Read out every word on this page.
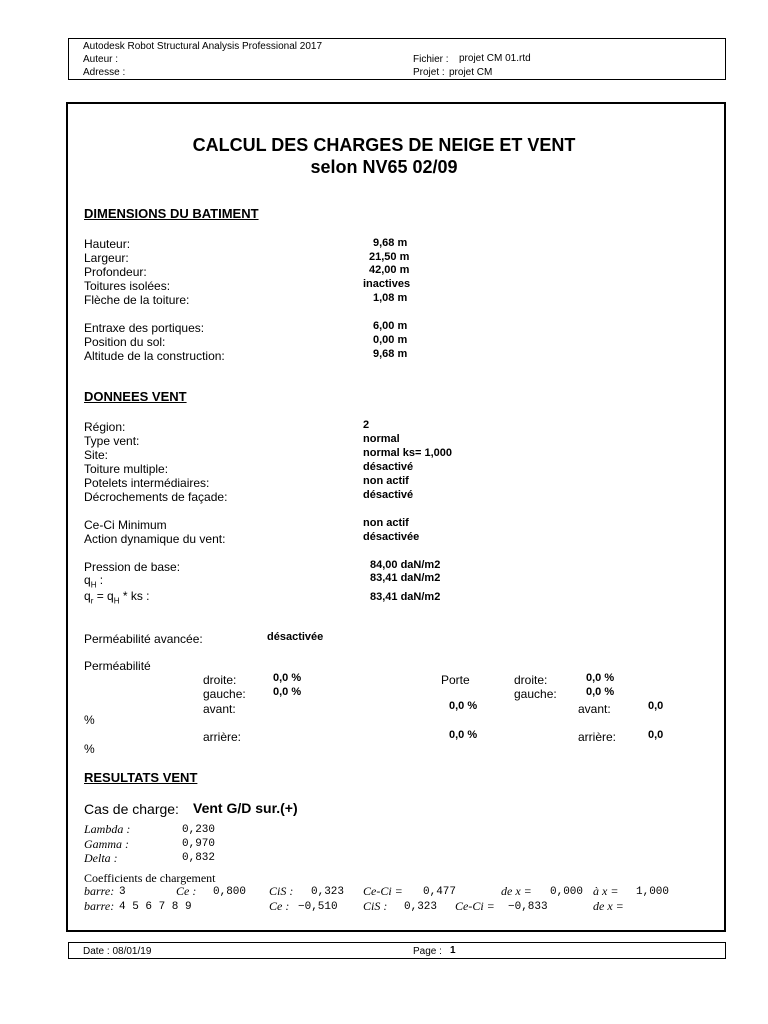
Autodesk Robot Structural Analysis Professional 2017
Auteur :
Adresse :
Fichier : projet CM 01.rtd
Projet : projet CM
CALCUL DES CHARGES DE NEIGE ET VENT
selon NV65 02/09
DIMENSIONS DU BATIMENT
Hauteur:	9,68 m
Largeur:	21,50 m
Profondeur:	42,00 m
Toitures isolées:	inactives
Flèche de la toiture:	1,08 m
Entraxe des portiques:	6,00 m
Position du sol:	0,00 m
Altitude de la construction:	9,68 m
DONNEES VENT
Région:	2
Type vent:	normal
Site:	normal ks= 1,000
Toiture multiple:	désactivé
Potelets intermédiaires:	non actif
Décrochements de façade:	désactivé
Ce-Ci Minimum	non actif
Action dynamique du vent:	désactivée
Pression de base:	84,00 daN/m2
$q_H$ :	83,41 daN/m2
$q_r = q_H$ * ks :	83,41 daN/m2
Perméabilité avancée:	désactivée
Perméabilité
droite:	0,0 %
gauche: 0,0 %
avant:	0,0 %
%
arrière:	0,0 %
%
Porte	droite:	0,0 %
gauche:	0,0 %
avant:	0,0
arrière:	0,0
RESULTATS VENT
Cas de charge: Vent G/D sur.(+)
Lambda :	0,230
Gamma :	0,970
Delta :	0,832
Coefficients de chargement
barre: 3	Ce : 0,800 CiS : 0,323 Ce-Ci = 0,477	de x = 0,000 à x = 1,000
barre: 4 5 6 7 8 9	Ce : −0,510 CiS : 0,323 Ce-Ci = −0,833	de x =
Date : 08/01/19	Page : 1
